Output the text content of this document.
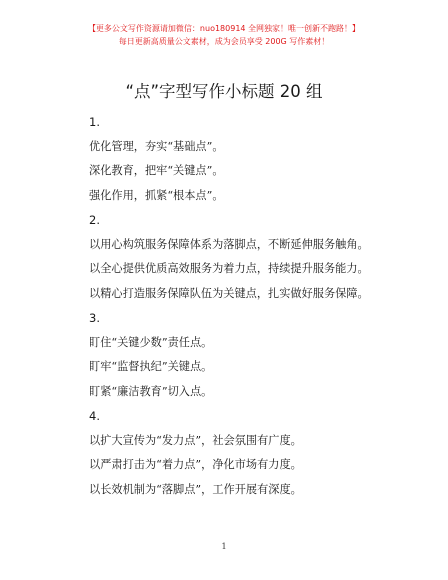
【更多公文写作资源请加微信：nuo180914 全网独家！唯一创新不跑路！】
每日更新高质量公文素材，成为会员享受 200G 写作素材！
“点”字型写作小标题 20 组
1.
优化管理，夯实“基础点”。
深化教育，把牢“关键点”。
强化作用，抓紧“根本点”。
2.
以用心构筑服务保障体系为落脚点，不断延伸服务触角。
以全心提供优质高效服务为着力点，持续提升服务能力。
以精心打造服务保障队伍为关键点，扎实做好服务保障。
3.
盯住“关键少数”责任点。
盯牢“监督执纪”关键点。
盯紧“廉洁教育”切入点。
4.
以扩大宣传为“发力点”，社会氛围有广度。
以严肃打击为“着力点”，净化市场有力度。
以长效机制为“落脚点”，工作开展有深度。
1
